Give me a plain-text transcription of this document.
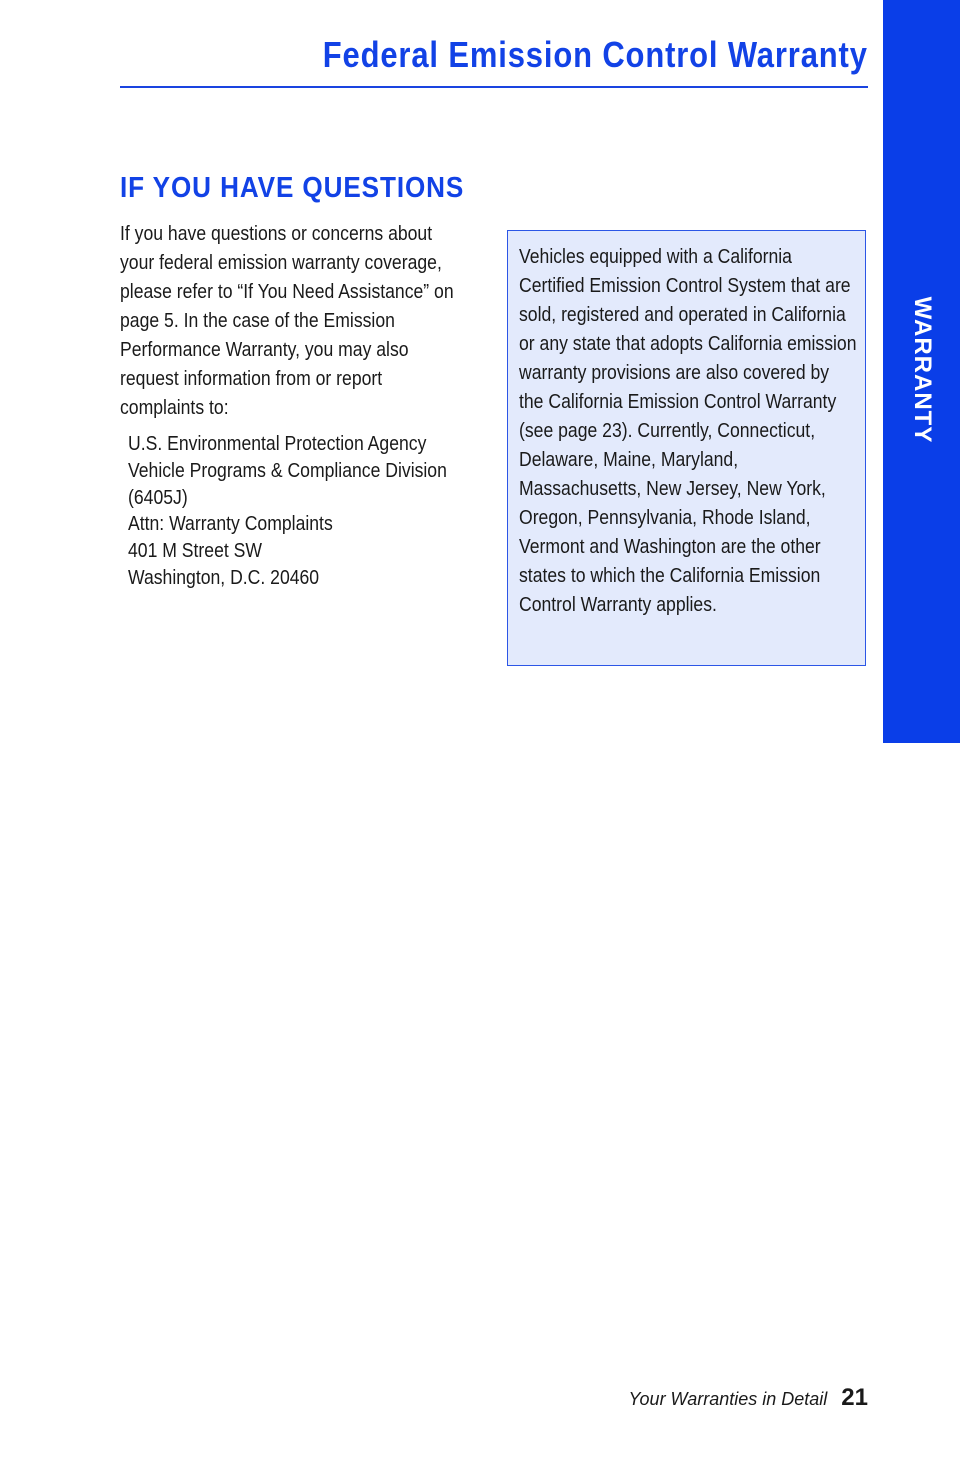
WARRANTY
Federal Emission Control Warranty
IF YOU HAVE QUESTIONS

If you have questions or concerns about your federal emission warranty coverage, please refer to “If You Need Assistance” on page 5. In the case of the Emission Performance Warranty, you may also request information from or report complaints to:

U.S. Environmental Protection Agency
Vehicle Programs & Compliance Division
(6405J)
Attn: Warranty Complaints
401 M Street SW
Washington, D.C. 20460

Vehicles equipped with a California Certified Emission Control System that are sold, registered and operated in California or any state that adopts California emission warranty provisions are also covered by the California Emission Control Warranty (see page 23). Currently, Connecticut, Delaware, Maine, Maryland, Massachusetts, New Jersey, New York, Oregon, Pennsylvania, Rhode Island, Vermont and Washington are the other states to which the California Emission Control Warranty applies.

Your Warranties in Detail 21
